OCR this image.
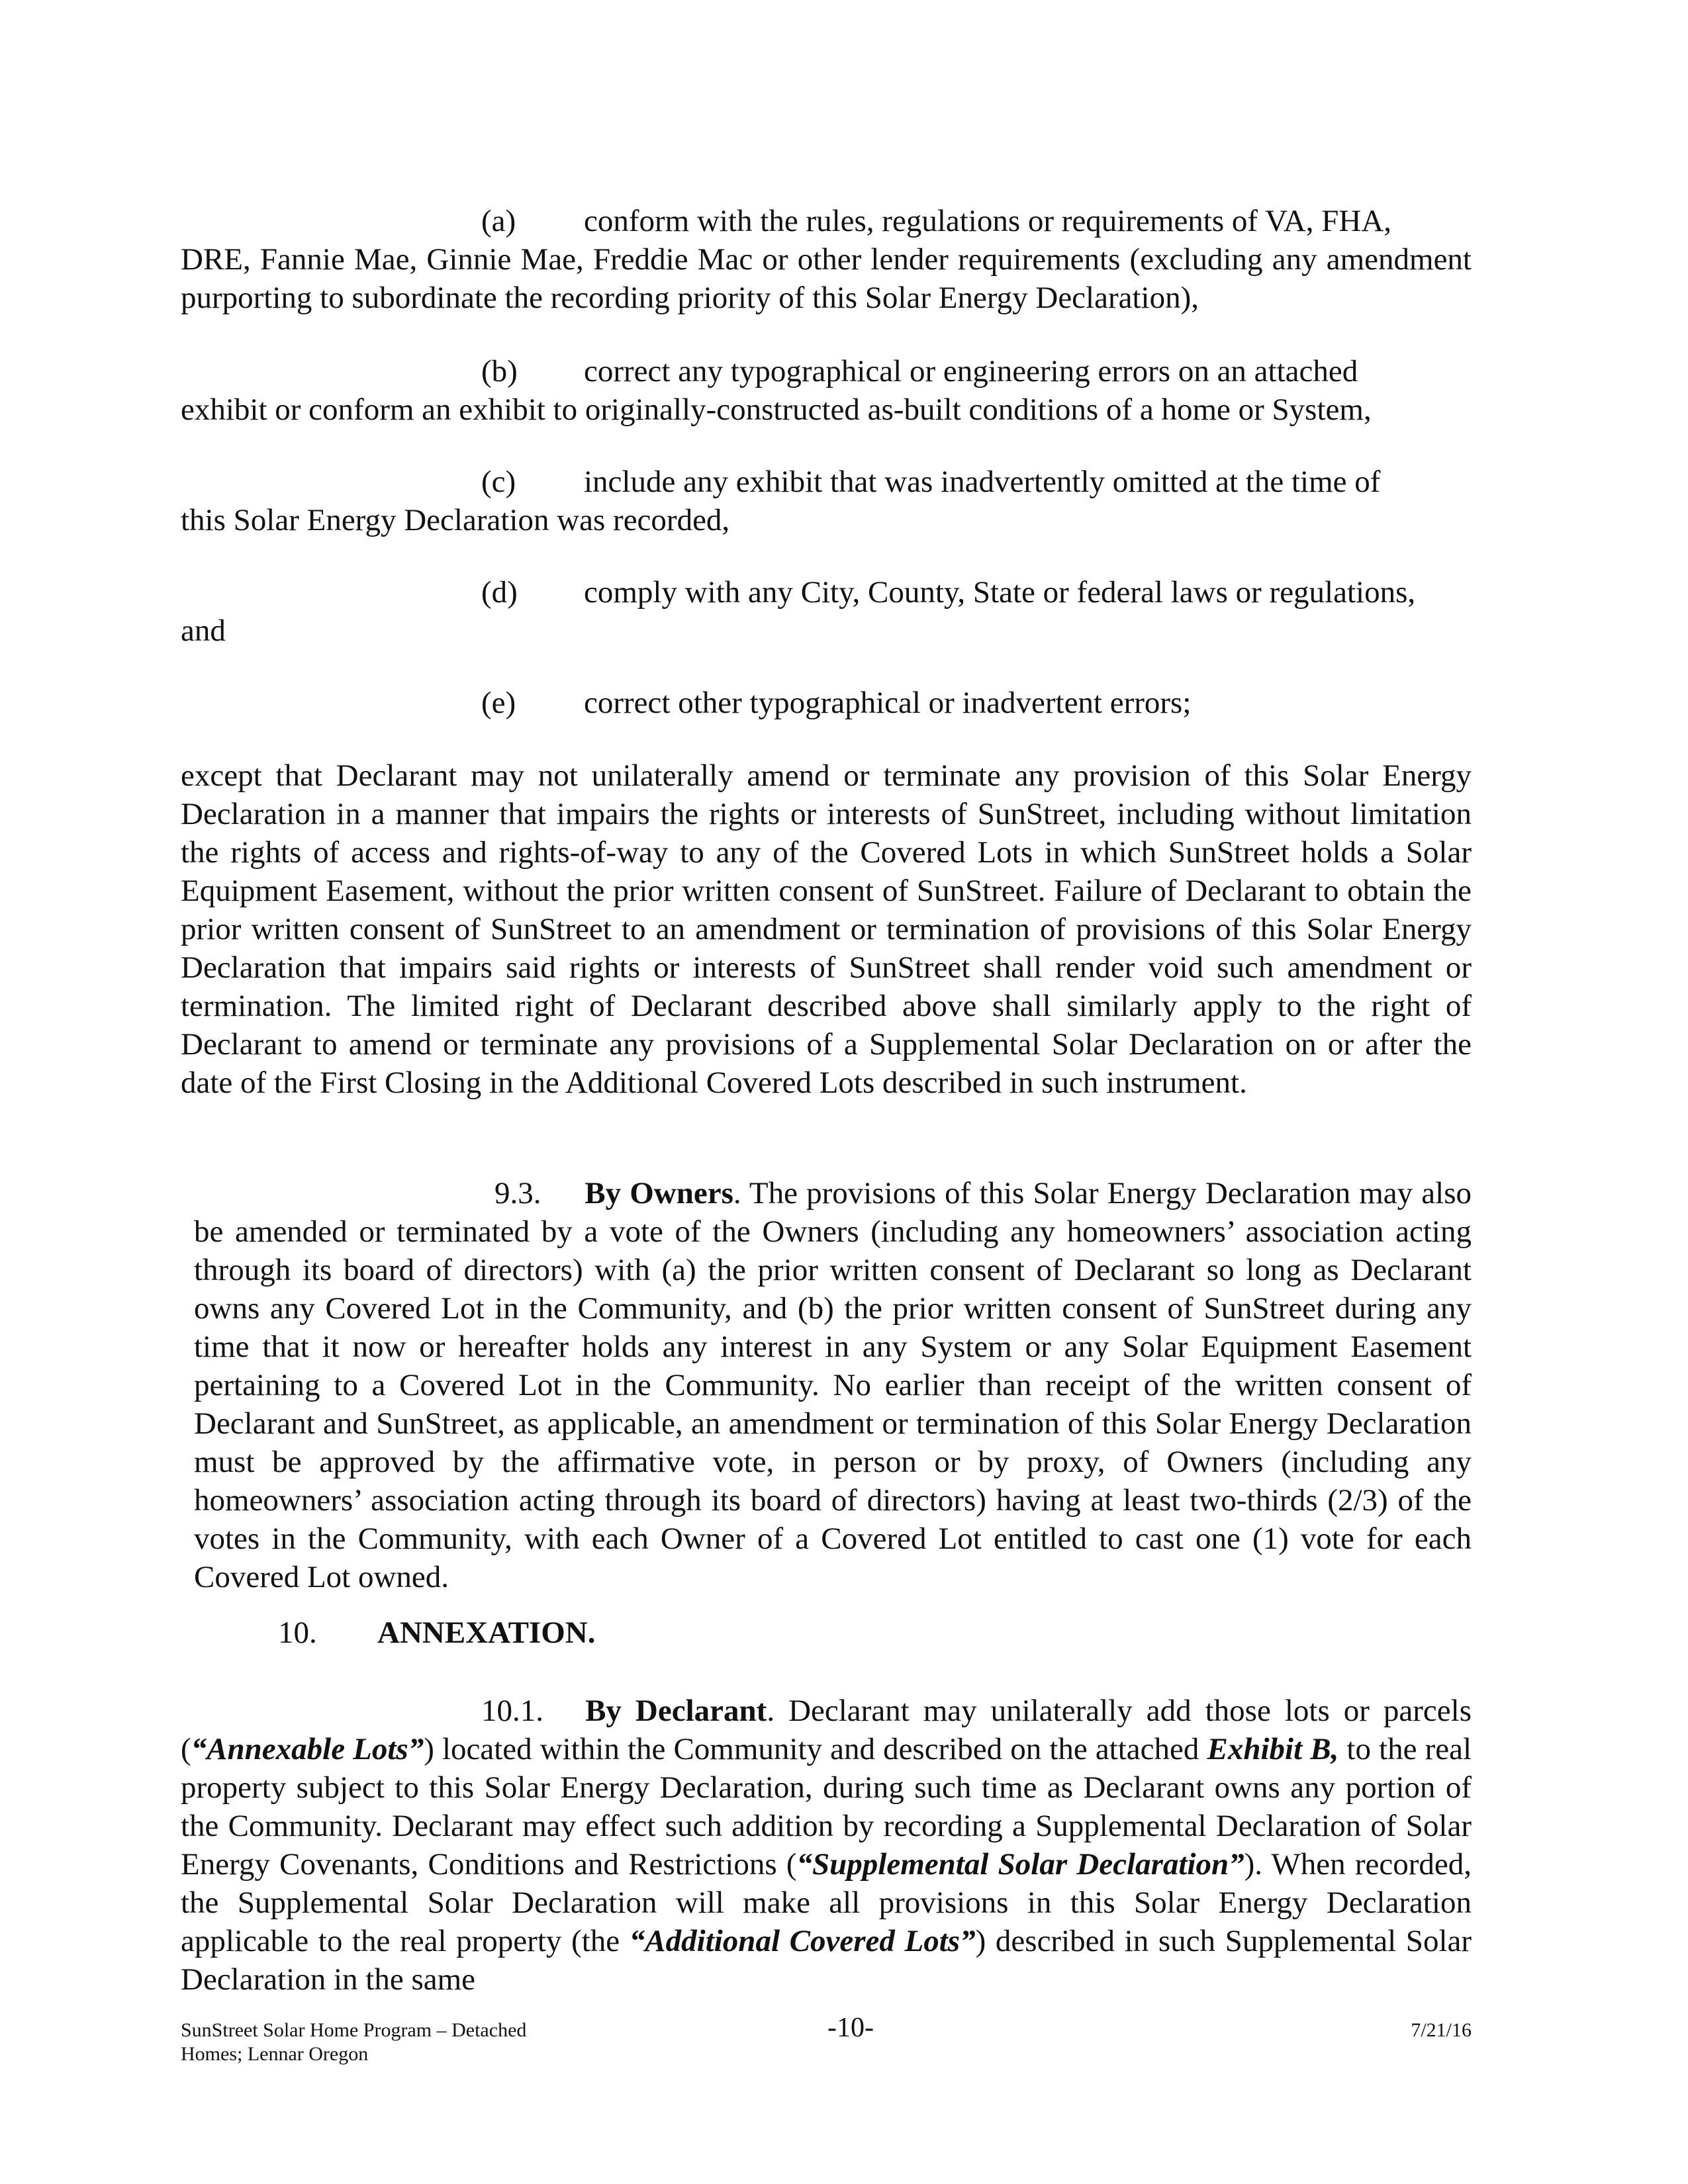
(a) conform with the rules, regulations or requirements of VA, FHA,

DRE, Fannie Mae, Ginnie Mae, Freddie Mac or other lender requirements (excluding any amendment purporting to subordinate the recording priority of this Solar Energy Declaration),

(b) correct any typographical or engineering errors on an attached

exhibit or conform an exhibit to originally-constructed as-built conditions of a home or System,

(c) include any exhibit that was inadvertently omitted at the time of

this Solar Energy Declaration was recorded,

(d) comply with any City, County, State or federal laws or regulations,

and

(e) correct other typographical or inadvertent errors;

except that Declarant may not unilaterally amend or terminate any provision of this Solar Energy Declaration in a manner that impairs the rights or interests of SunStreet, including without limitation the rights of access and rights-of-way to any of the Covered Lots in which SunStreet holds a Solar Equipment Easement, without the prior written consent of SunStreet. Failure of Declarant to obtain the prior written consent of SunStreet to an amendment or termination of provisions of this Solar Energy Declaration that impairs said rights or interests of SunStreet shall render void such amendment or termination. The limited right of Declarant described above shall similarly apply to the right of Declarant to amend or terminate any provisions of a Supplemental Solar Declaration on or after the date of the First Closing in the Additional Covered Lots described in such instrument.

9.3. By Owners. The provisions of this Solar Energy Declaration may also be amended or terminated by a vote of the Owners (including any homeowners’ association acting through its board of directors) with (a) the prior written consent of Declarant so long as Declarant owns any Covered Lot in the Community, and (b) the prior written consent of SunStreet during any time that it now or hereafter holds any interest in any System or any Solar Equipment Easement pertaining to a Covered Lot in the Community. No earlier than receipt of the written consent of Declarant and SunStreet, as applicable, an amendment or termination of this Solar Energy Declaration must be approved by the affirmative vote, in person or by proxy, of Owners (including any homeowners’ association acting through its board of directors) having at least two-thirds (2/3) of the votes in the Community, with each Owner of a Covered Lot entitled to cast one (1) vote for each Covered Lot owned.

10. ANNEXATION.

10.1. By Declarant. Declarant may unilaterally add those lots or parcels (“Annexable Lots”) located within the Community and described on the attached Exhibit B, to the real property subject to this Solar Energy Declaration, during such time as Declarant owns any portion of the Community. Declarant may effect such addition by recording a Supplemental Declaration of Solar Energy Covenants, Conditions and Restrictions (“Supplemental Solar Declaration”). When recorded, the Supplemental Solar Declaration will make all provisions in this Solar Energy Declaration applicable to the real property (the “Additional Covered Lots”) described in such Supplemental Solar Declaration in the same

SunStreet Solar Home Program – Detached
Homes; Lennar Oregon
-10-	7/21/16
